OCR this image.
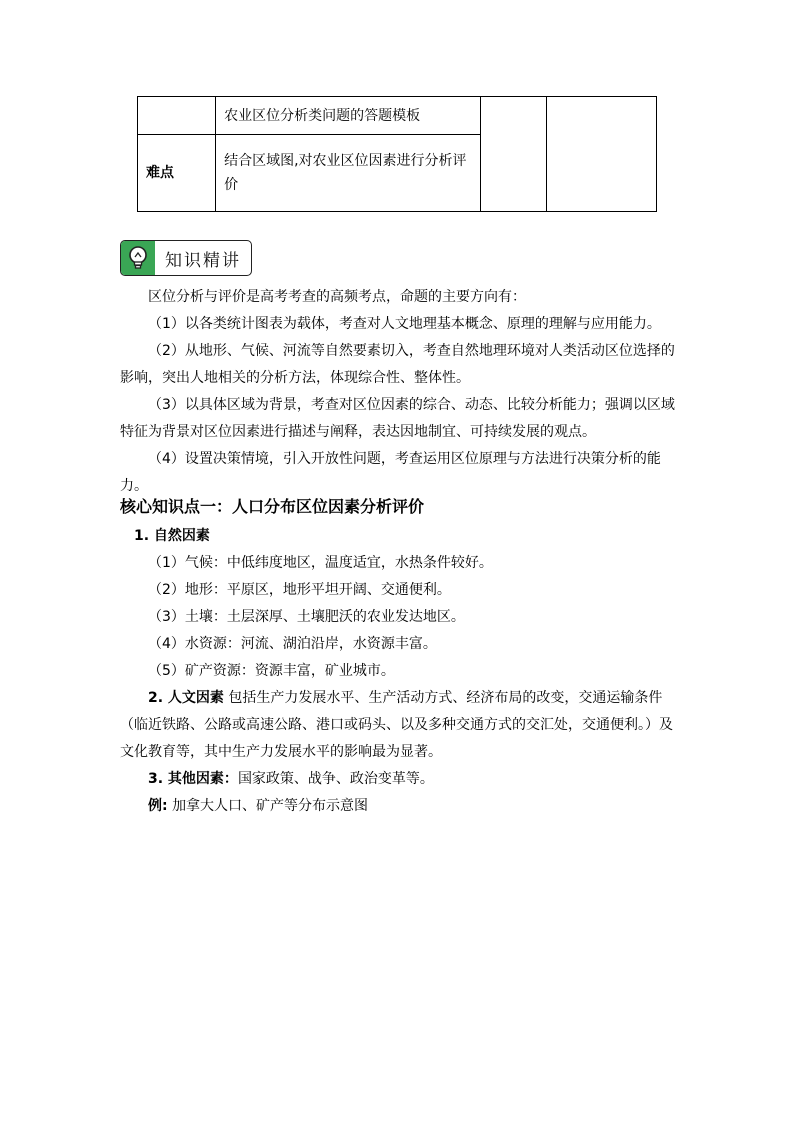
	农业区位分析类问题的答题模板		
难点	结合区域图,对农业区位因素进行分析评价		
知识精讲

区位分析与评价是高考考查的高频考点，命题的主要方向有：

（1）以各类统计图表为载体，考查对人文地理基本概念、原理的理解与应用能力。

（2）从地形、气候、河流等自然要素切入，考查自然地理环境对人类活动区位选择的影响，突出人地相关的分析方法，体现综合性、整体性。

（3）以具体区域为背景，考查对区位因素的综合、动态、比较分析能力；强调以区域特征为背景对区位因素进行描述与阐释，表达因地制宜、可持续发展的观点。

（4）设置决策情境，引入开放性问题，考查运用区位原理与方法进行决策分析的能力。

核心知识点一：人口分布区位因素分析评价

1. 自然因素

（1）气候：中低纬度地区，温度适宜，水热条件较好。

（2）地形：平原区，地形平坦开阔、交通便利。

（3）土壤：土层深厚、土壤肥沃的农业发达地区。

（4）水资源：河流、湖泊沿岸，水资源丰富。

（5）矿产资源：资源丰富，矿业城市。

2. 人文因素 包括生产力发展水平、生产活动方式、经济布局的改变，交通运输条件（临近铁路、公路或高速公路、港口或码头、以及多种交通方式的交汇处，交通便利。）及文化教育等，其中生产力发展水平的影响最为显著。

3. 其他因素：国家政策、战争、政治变革等。

例: 加拿大人口、矿产等分布示意图
